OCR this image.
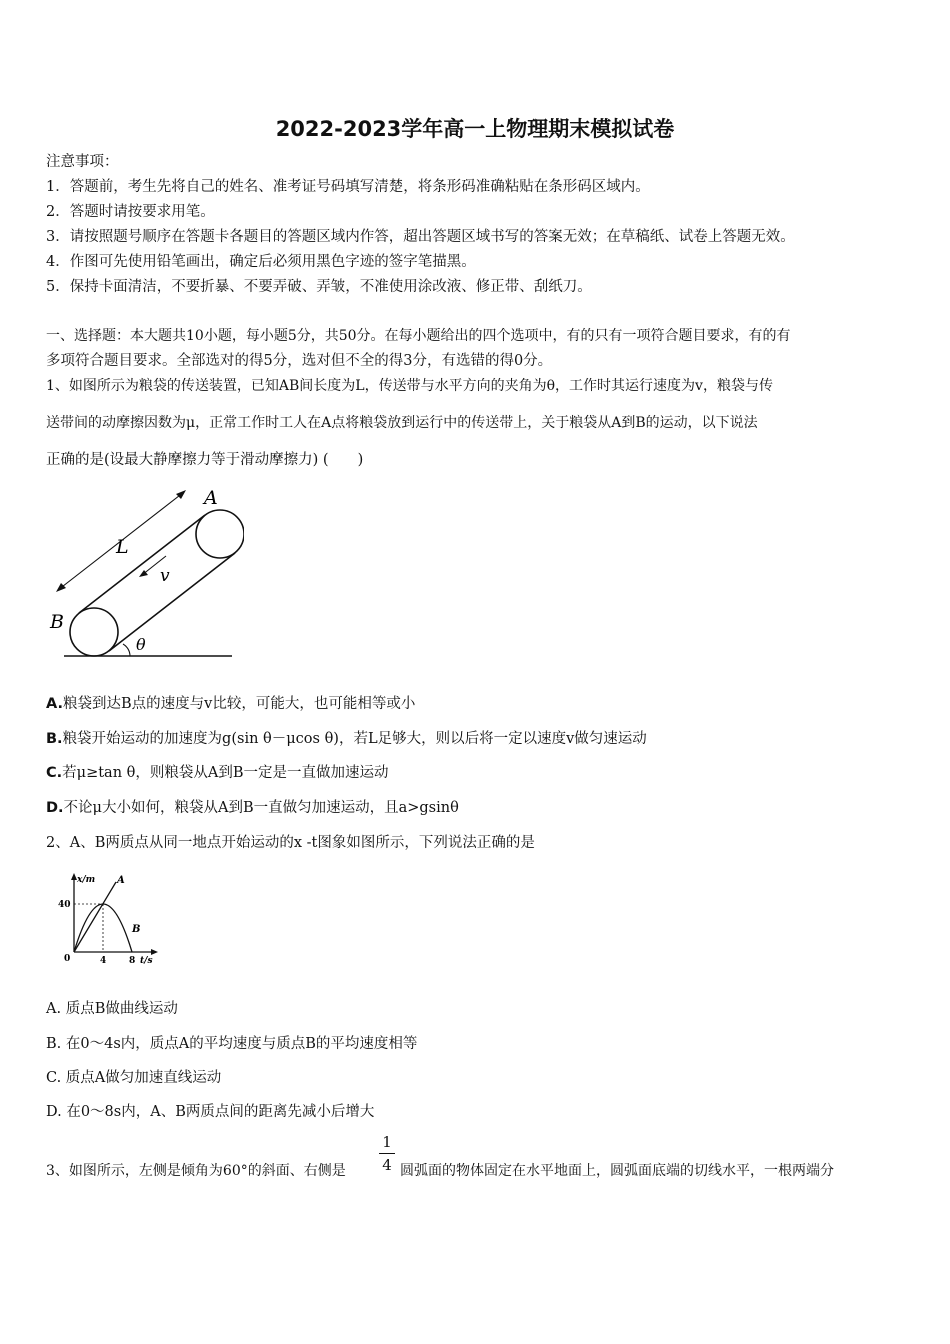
2022-2023学年高一上物理期末模拟试卷
注意事项：
1．答题前，考生先将自己的姓名、准考证号码填写清楚，将条形码准确粘贴在条形码区域内。
2．答题时请按要求用笔。
3．请按照题号顺序在答题卡各题目的答题区域内作答，超出答题区域书写的答案无效；在草稿纸、试卷上答题无效。
4．作图可先使用铅笔画出，确定后必须用黑色字迹的签字笔描黑。
5．保持卡面清洁，不要折暴、不要弄破、弄皱，不准使用涂改液、修正带、刮纸刀。
一、选择题：本大题共10小题，每小题5分，共50分。在每小题给出的四个选项中，有的只有一项符合题目要求，有的有
多项符合题目要求。全部选对的得5分，选对但不全的得3分，有选错的得0分。
1、如图所示为粮袋的传送装置，已知AB间长度为L，传送带与水平方向的夹角为θ，工作时其运行速度为v，粮袋与传
送带间的动摩擦因数为μ，正常工作时工人在A点将粮袋放到运行中的传送带上，关于粮袋从A到B的运动，以下说法
正确的是(设最大静摩擦力等于滑动摩擦力) (　　)
A
L
v
B
θ
A.粮袋到达B点的速度与v比较，可能大，也可能相等或小
B.粮袋开始运动的加速度为g(sin θ－μcos θ)，若L足够大，则以后将一定以速度v做匀速运动
C.若μ≥tan θ，则粮袋从A到B一定是一直做加速运动
D.不论μ大小如何，粮袋从A到B一直做匀加速运动，且a>gsinθ
2、A、B两质点从同一地点开始运动的x -t图象如图所示，下列说法正确的是
x/m A
40
B
0	4	8 t/s
A. 质点B做曲线运动
B. 在0～4s内，质点A的平均速度与质点B的平均速度相等
C. 质点A做匀加速直线运动
D. 在0～8s内，A、B两质点间的距离先减小后增大
3、如图所示，左侧是倾角为60°的斜面、右侧是
1
4 圆弧面的物体固定在水平地面上，圆弧面底端的切线水平，一根两端分
